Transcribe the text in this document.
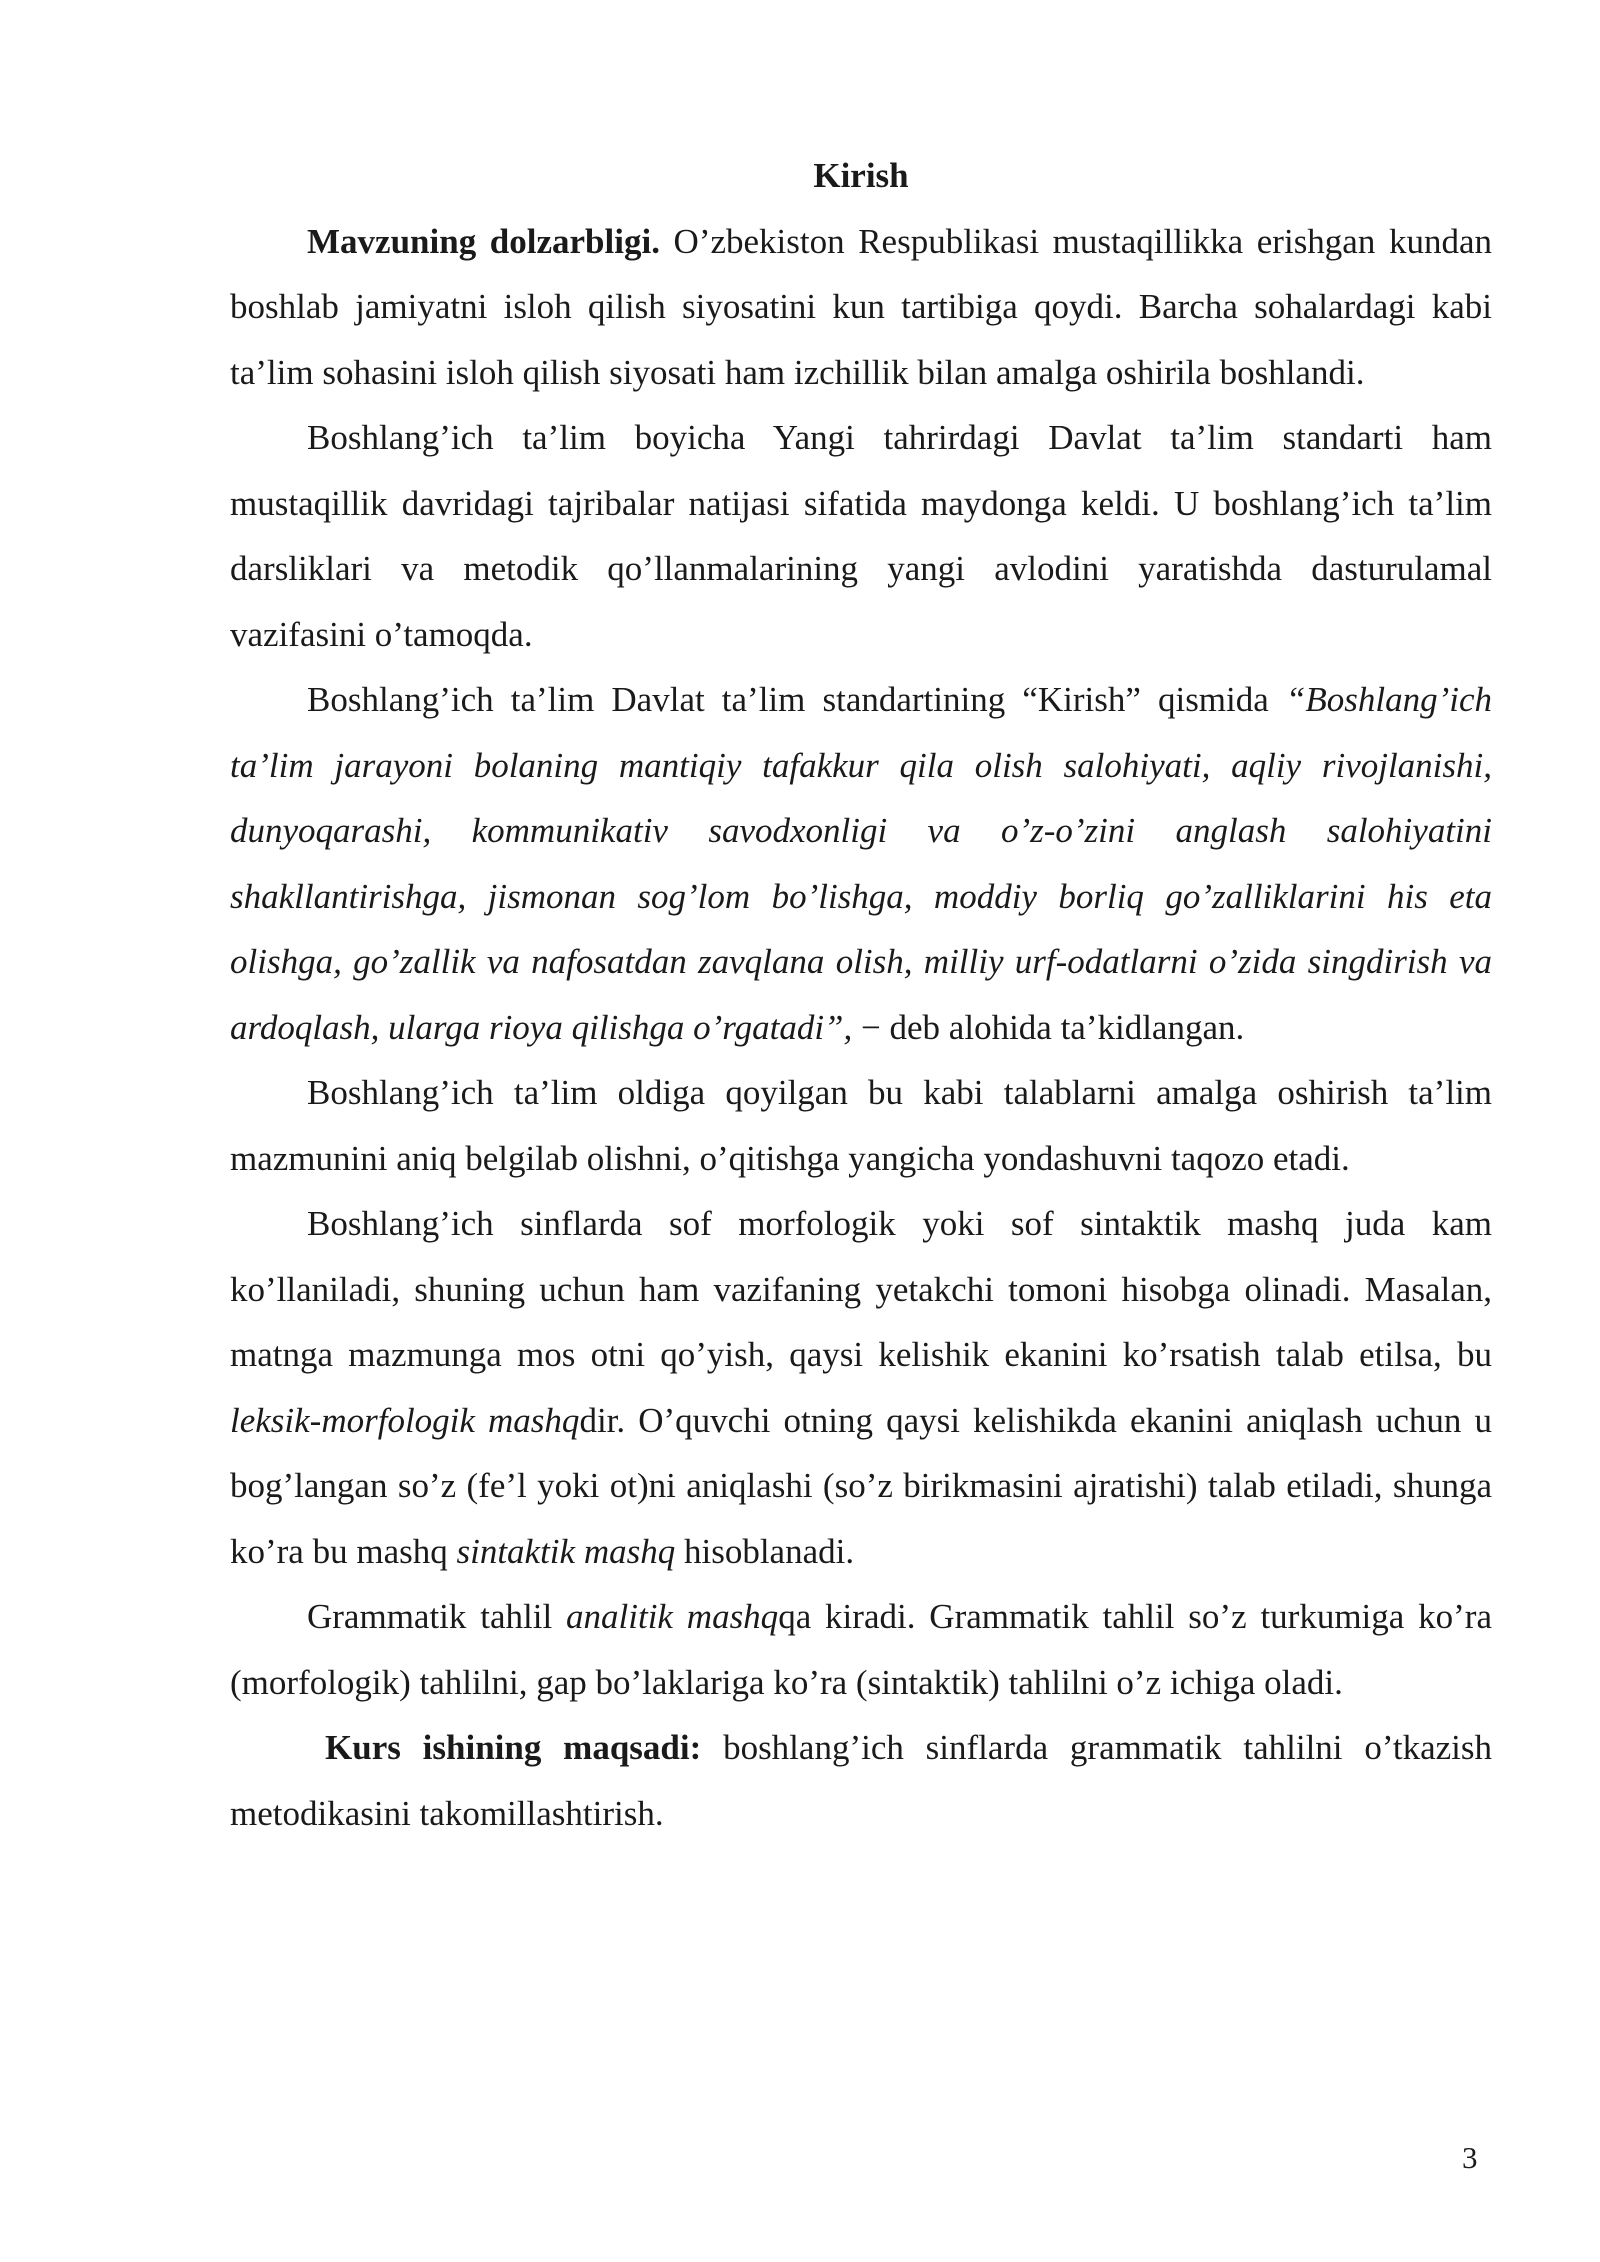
Kirish

Mavzuning dolzarbligi. O’zbekiston Respublikasi mustaqillikka erishgan kundan boshlab jamiyatni isloh qilish siyosatini kun tartibiga qoydi. Barcha sohalardagi kabi ta’lim sohasini isloh qilish siyosati ham izchillik bilan amalga oshirila boshlandi.

Boshlang’ich ta’lim boyicha Yangi tahrirdagi Davlat ta’lim standarti ham mustaqillik davridagi tajribalar natijasi sifatida maydonga keldi. U boshlang’ich ta’lim darsliklari va metodik qo’llanmalarining yangi avlodini yaratishda dasturulamal vazifasini o’tamoqda.

Boshlang’ich ta’lim Davlat ta’lim standartining “Kirish” qismida “Boshlang’ich ta’lim jarayoni bolaning mantiqiy tafakkur qila olish salohiyati, aqliy rivojlanishi, dunyoqarashi, kommunikativ savodxonligi va o’z-o’zini anglash salohiyatini shakllantirishga, jismonan sog’lom bo’lishga, moddiy borliq go’zalliklarini his eta olishga, go’zallik va nafosatdan zavqlana olish, milliy urf-odatlarni o’zida singdirish va ardoqlash, ularga rioya qilishga o’rgatadi”, − deb alohida ta’kidlangan.

Boshlang’ich ta’lim oldiga qoyilgan bu kabi talablarni amalga oshirish ta’lim mazmunini aniq belgilab olishni, o’qitishga yangicha yondashuvni taqozo etadi.

Boshlang’ich sinflarda sof morfologik yoki sof sintaktik mashq juda kam ko’llaniladi, shuning uchun ham vazifaning yetakchi tomoni hisobga olinadi. Masalan, matnga mazmunga mos otni qo’yish, qaysi kelishik ekanini ko’rsatish talab etilsa, bu leksik-morfologik mashqdir. O’quvchi otning qaysi kelishikda ekanini aniqlash uchun u bog’langan so’z (fe’l yoki ot)ni aniqlashi (so’z birikmasini ajratishi) talab etiladi, shunga ko’ra bu mashq sintaktik mashq hisoblanadi.

Grammatik tahlil analitik mashqqa kiradi. Grammatik tahlil so’z turkumiga ko’ra (morfologik) tahlilni, gap bo’laklariga ko’ra (sintaktik) tahlilni o’z ichiga oladi.

Kurs ishining maqsadi: boshlang’ich sinflarda grammatik tahlilni o’tkazish metodikasini takomillashtirish.

3
